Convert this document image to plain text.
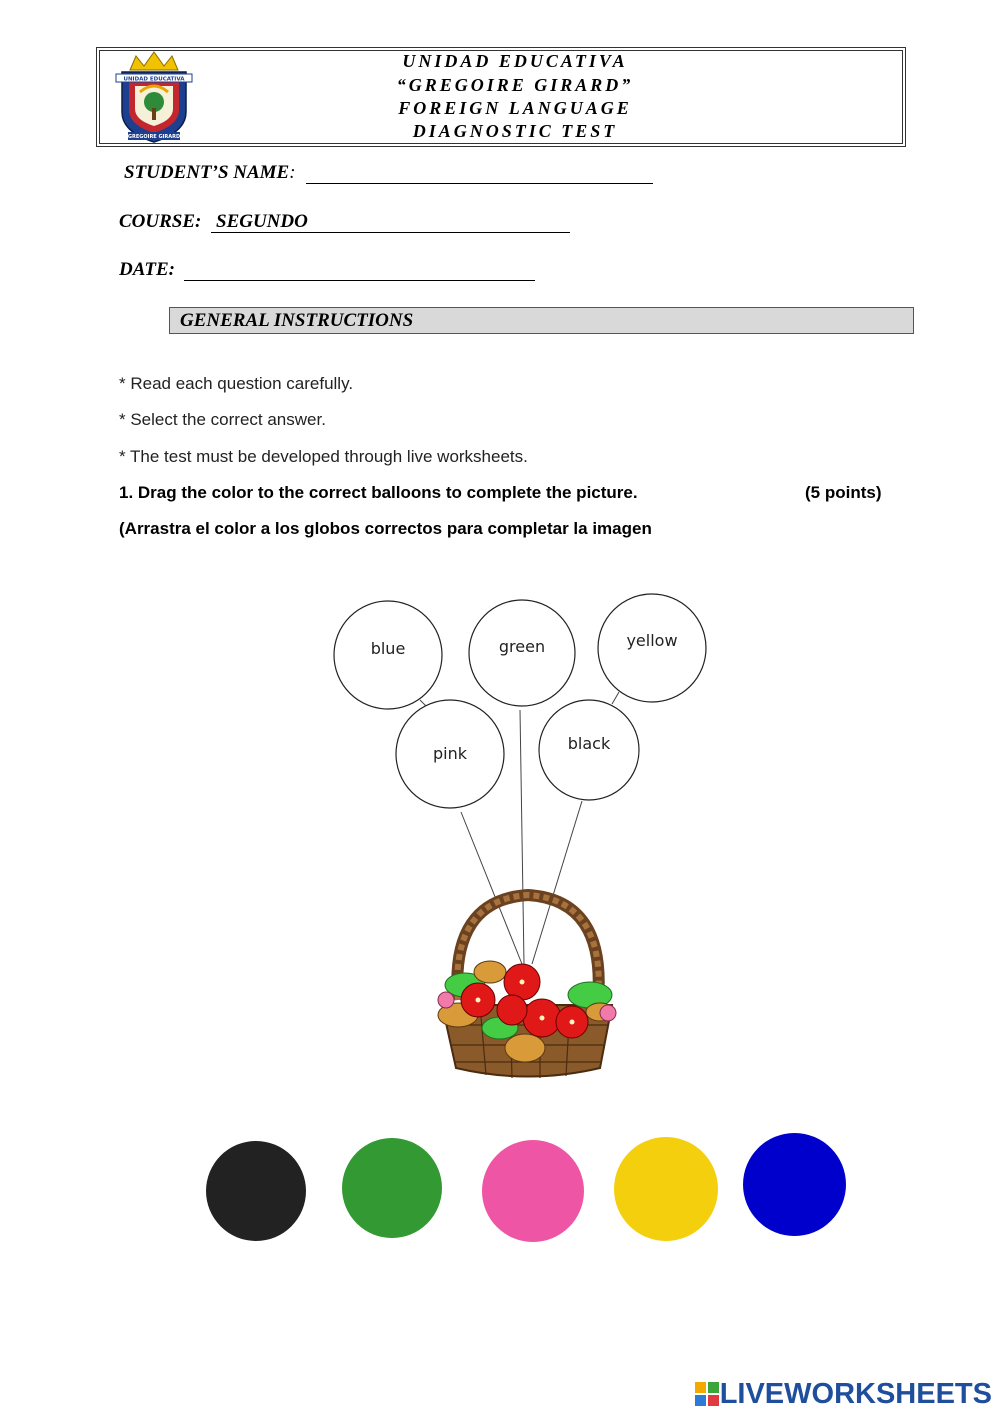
UNIDAD EDUCATIVA
GREGOIRE GIRARD
UNIDAD EDUCATIVA
“GREGOIRE GIRARD”
FOREIGN LANGUAGE
DIAGNOSTIC TEST
STUDENT’S NAME:
COURSE: SEGUNDO
DATE:
GENERAL INSTRUCTIONS
* Read each question carefully.
* Select the correct answer.
* The test must be developed through live worksheets.
1. Drag the color to the correct balloons to complete the picture.	(5 points)
(Arrastra el color a los globos correctos para completar la imagen
blue	green	yellow
pink
black
LIVEWORKSHEETS
